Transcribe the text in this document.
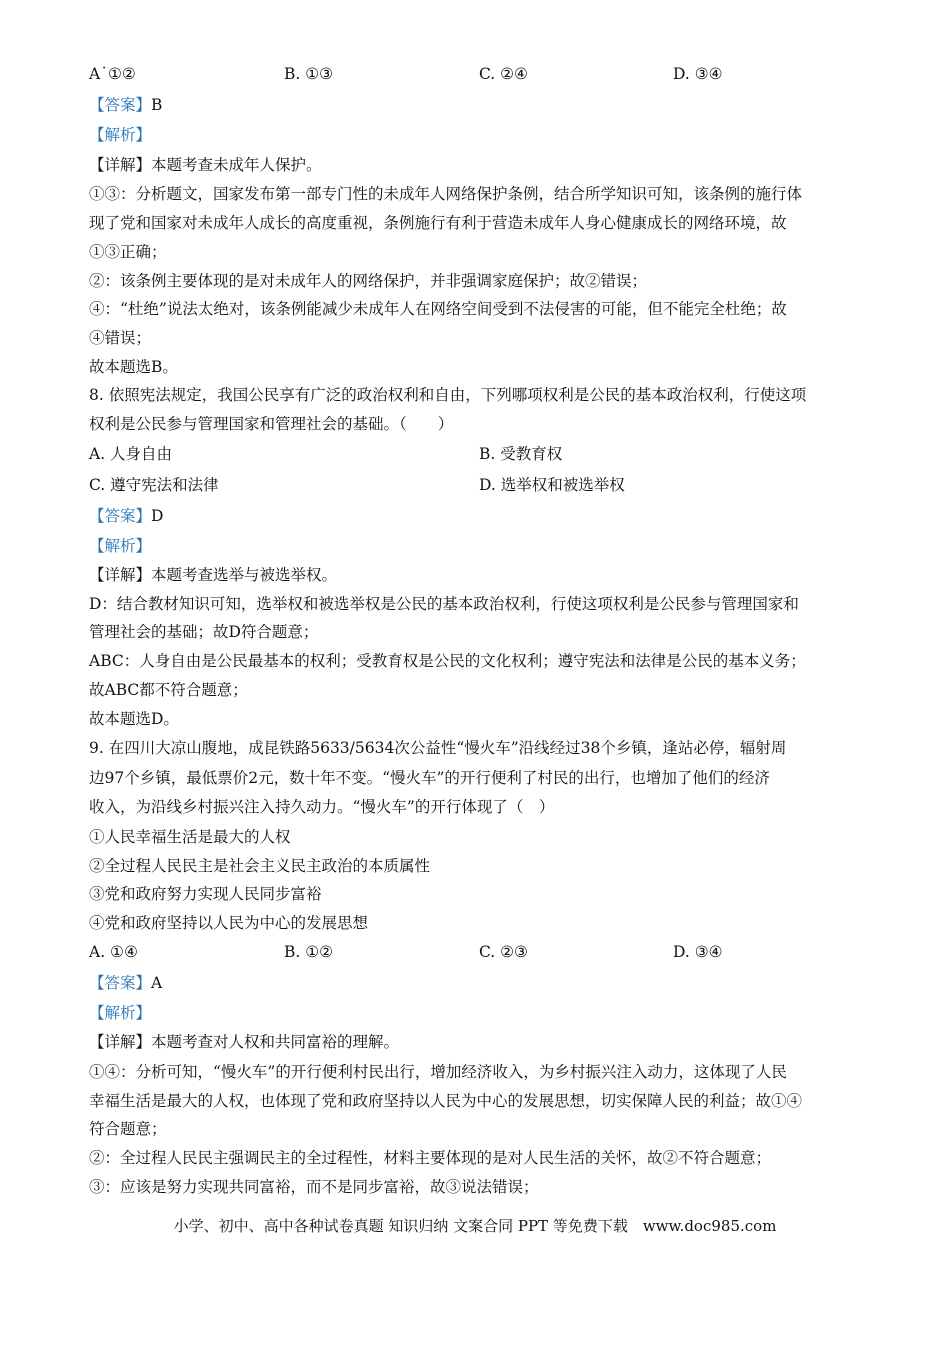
A˙①②	B. ①③	C. ②④	D. ③④
【答案】B
【解析】
【详解】本题考查未成年人保护。
①③：分析题文，国家发布第一部专门性的未成年人网络保护条例，结合所学知识可知，该条例的施行体
现了党和国家对未成年人成长的高度重视，条例施行有利于营造未成年人身心健康成长的网络环境，故
①③正确；
②：该条例主要体现的是对未成年人的网络保护，并非强调家庭保护；故②错误；
④：“杜绝”说法太绝对，该条例能减少未成年人在网络空间受到不法侵害的可能，但不能完全杜绝；故
④错误；
故本题选B。
8. 依照宪法规定，我国公民享有广泛的政治权利和自由，下列哪项权利是公民的基本政治权利，行使这项
权利是公民参与管理国家和管理社会的基础。（　　）
A. 人身自由	B. 受教育权
C. 遵守宪法和法律	D. 选举权和被选举权
【答案】D
【解析】
【详解】本题考查选举与被选举权。
D：结合教材知识可知，选举权和被选举权是公民的基本政治权利，行使这项权利是公民参与管理国家和
管理社会的基础；故D符合题意；
ABC：人身自由是公民最基本的权利；受教育权是公民的文化权利；遵守宪法和法律是公民的基本义务；
故ABC都不符合题意；
故本题选D。
9. 在四川大凉山腹地，成昆铁路5633/5634次公益性“慢火车”沿线经过38个乡镇，逢站必停，辐射周
边97个乡镇，最低票价2元，数十年不变。“慢火车”的开行便利了村民的出行，也增加了他们的经济
收入，为沿线乡村振兴注入持久动力。“慢火车”的开行体现了（　）
①人民幸福生活是最大的人权
②全过程人民民主是社会主义民主政治的本质属性
③党和政府努力实现人民同步富裕
④党和政府坚持以人民为中心的发展思想
A. ①④	B. ①②	C. ②③	D. ③④
【答案】A
【解析】
【详解】本题考查对人权和共同富裕的理解。
①④：分析可知，“慢火车”的开行便利村民出行，增加经济收入，为乡村振兴注入动力，这体现了人民
幸福生活是最大的人权，也体现了党和政府坚持以人民为中心的发展思想，切实保障人民的利益；故①④
符合题意；
②：全过程人民民主强调民主的全过程性，材料主要体现的是对人民生活的关怀，故②不符合题意；
③：应该是努力实现共同富裕，而不是同步富裕，故③说法错误；
小学、初中、高中各种试卷真题 知识归纳 文案合同 PPT 等免费下载　www.doc985.com
